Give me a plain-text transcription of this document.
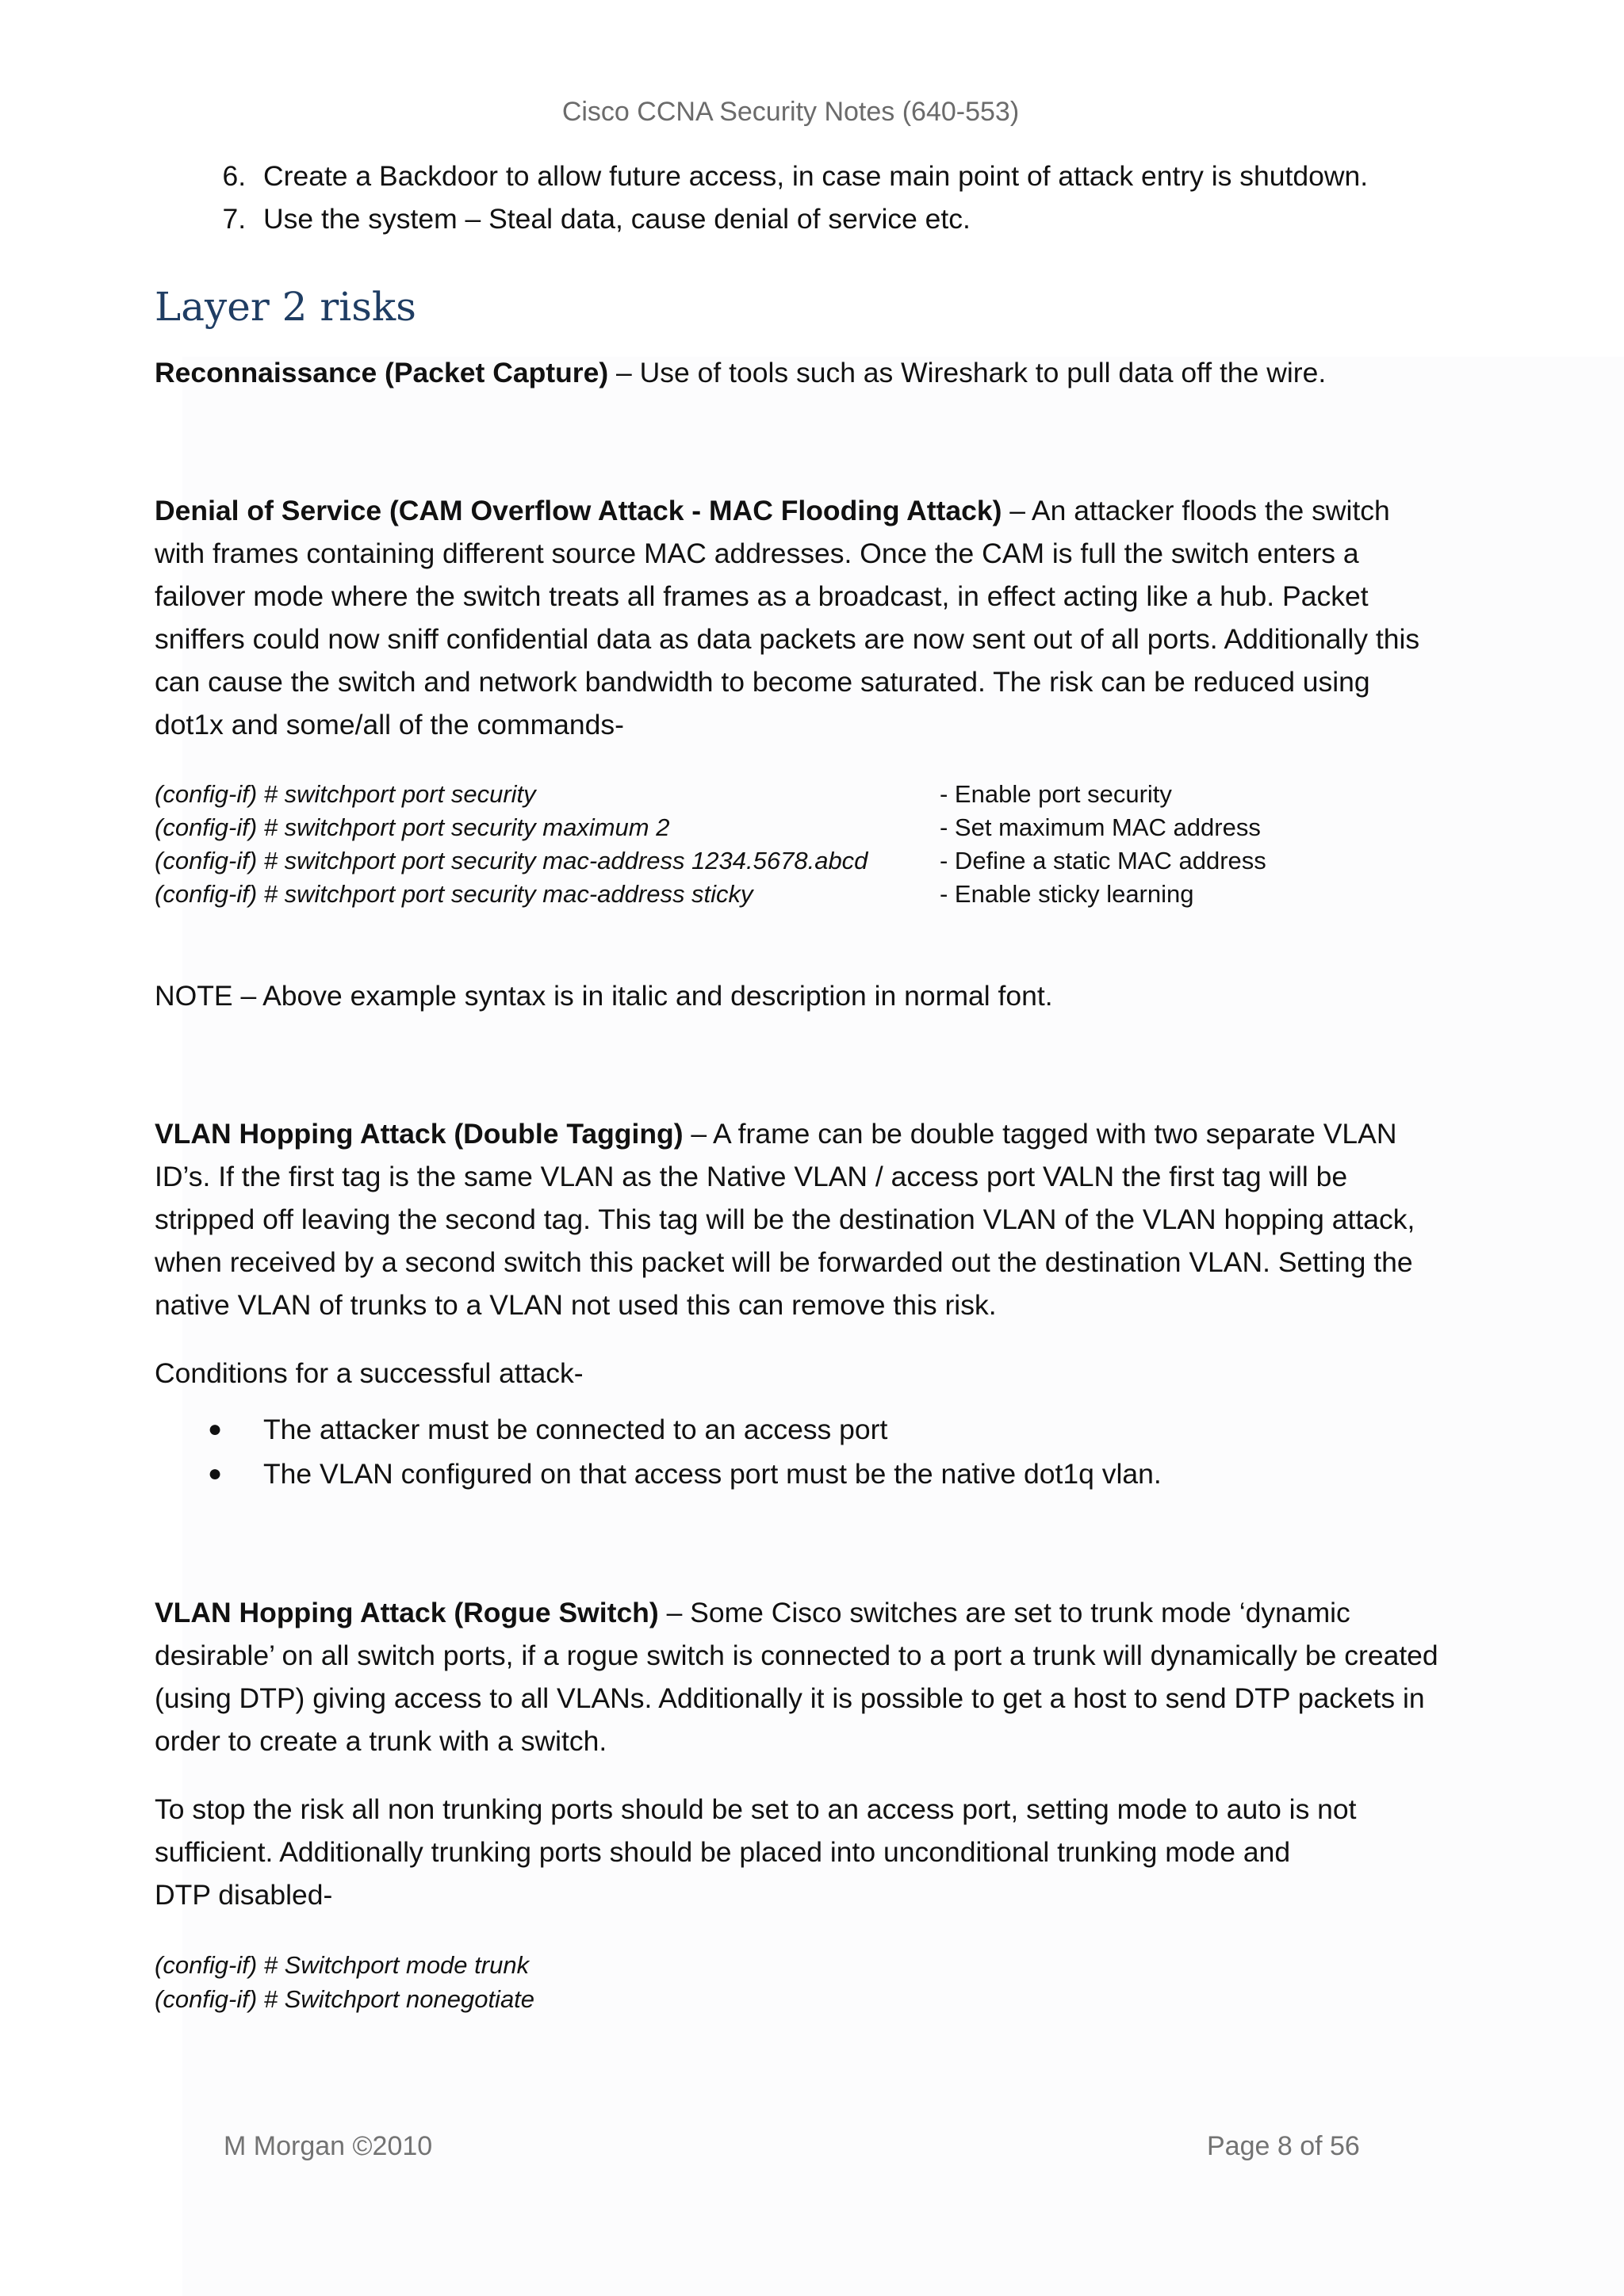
Cisco CCNA Security Notes (640-553)
6. Create a Backdoor to allow future access, in case main point of attack entry is shutdown.
7. Use the system – Steal data, cause denial of service etc.
Layer 2 risks

Reconnaissance (Packet Capture) – Use of tools such as Wireshark to pull data off the wire.

Denial of Service (CAM Overflow Attack - MAC Flooding Attack) – An attacker floods the switch with frames containing different source MAC addresses. Once the CAM is full the switch enters a failover mode where the switch treats all frames as a broadcast, in effect acting like a hub. Packet sniffers could now sniff confidential data as data packets are now sent out of all ports. Additionally this can cause the switch and network bandwidth to become saturated. The risk can be reduced using dot1x and some/all of the commands-

(config-if) # switchport port security	- Enable port security
(config-if) # switchport port security maximum 2	- Set maximum MAC address
(config-if) # switchport port security mac-address 1234.5678.abcd	- Define a static MAC address
(config-if) # switchport port security mac-address sticky	- Enable sticky learning

NOTE – Above example syntax is in italic and description in normal font.

VLAN Hopping Attack (Double Tagging) – A frame can be double tagged with two separate VLAN ID’s. If the first tag is the same VLAN as the Native VLAN / access port VALN the first tag will be stripped off leaving the second tag. This tag will be the destination VLAN of the VLAN hopping attack, when received by a second switch this packet will be forwarded out the destination VLAN. Setting the native VLAN of trunks to a VLAN not used this can remove this risk.

Conditions for a successful attack-

● The attacker must be connected to an access port
● The VLAN configured on that access port must be the native dot1q vlan.

VLAN Hopping Attack (Rogue Switch) – Some Cisco switches are set to trunk mode ‘dynamic desirable’ on all switch ports, if a rogue switch is connected to a port a trunk will dynamically be created (using DTP) giving access to all VLANs. Additionally it is possible to get a host to send DTP packets in order to create a trunk with a switch.

To stop the risk all non trunking ports should be set to an access port, setting mode to auto is not sufficient. Additionally trunking ports should be placed into unconditional trunking mode and
DTP disabled-

(config-if) # Switchport mode trunk

(config-if) # Switchport nonegotiate

M Morgan ©2010	Page 8 of 56
